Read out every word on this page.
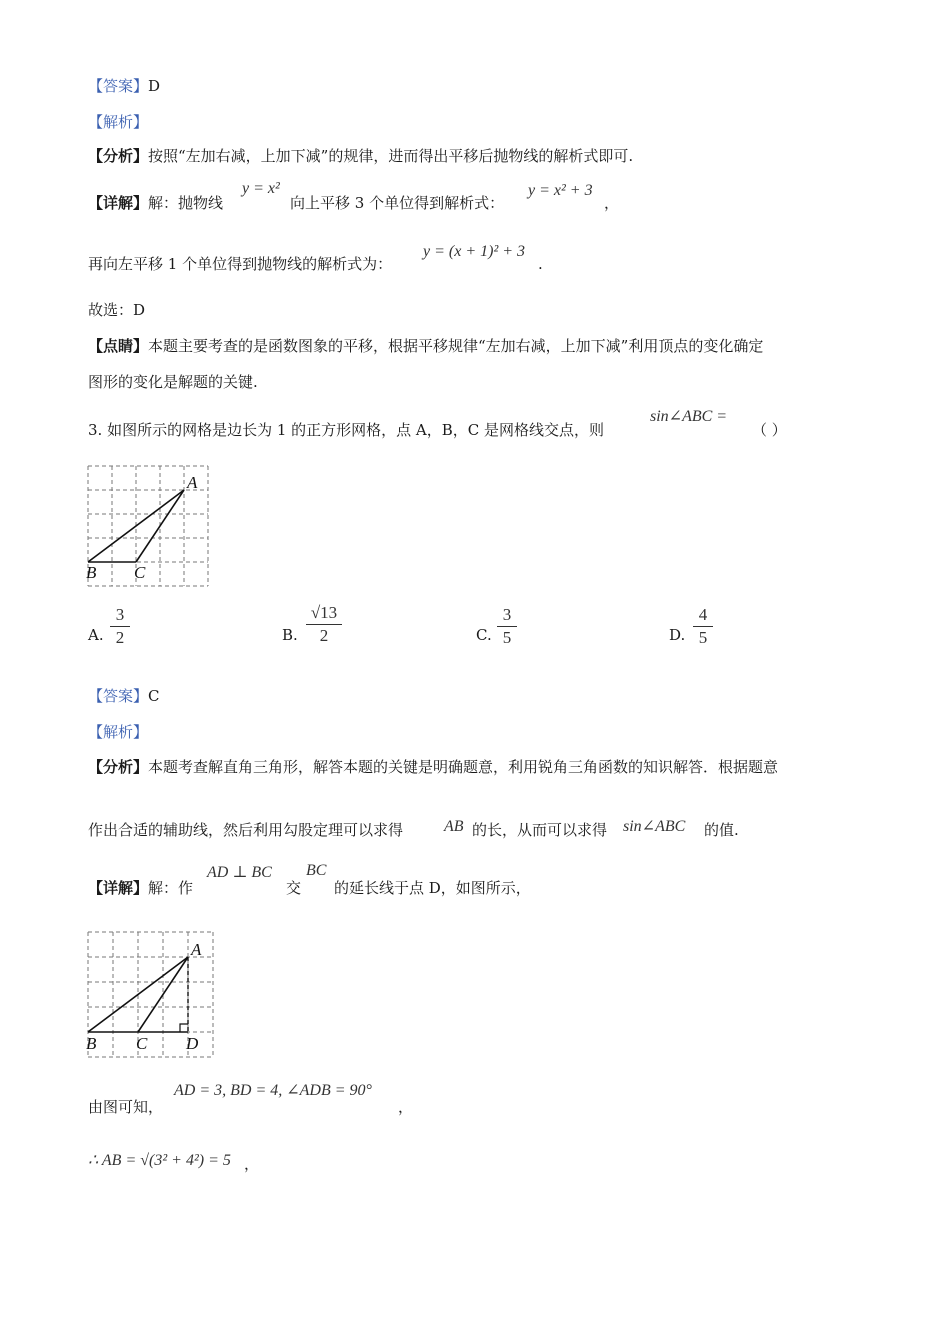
【答案】D
【解析】
【分析】按照“左加右减，上加下减”的规律，进而得出平移后抛物线的解析式即可.
【详解】解：抛物线
y = x²
向上平移 3 个单位得到解析式：
y = x² + 3
，
再向左平移 1 个单位得到抛物线的解析式为：
y = (x + 1)² + 3
.
故选：D
【点睛】本题主要考查的是函数图象的平移，根据平移规律“左加右减，上加下减”利用顶点的变化确定
图形的变化是解题的关键.
3. 如图所示的网格是边长为 1 的正方形网格，点 A，B，C 是网格线交点，则
sin∠ABC =
（ ）
A
B C
A.
3
2	B.
√13
2	C.
3
5	D.
4
5
【答案】C
【解析】
【分析】本题考查解直角三角形，解答本题的关键是明确题意，利用锐角三角函数的知识解答．根据题意
作出合适的辅助线，然后利用勾股定理可以求得	AB 的长，从而可以求得 sin∠ABC 的值.
【详解】解：作
AD ⊥ BC
交
BC
的延长线于点 D，如图所示，
A
B C D
由图可知，
AD = 3, BD = 4, ∠ADB = 90°
，
∴ AB = √(3² + 4²) = 5 ，
